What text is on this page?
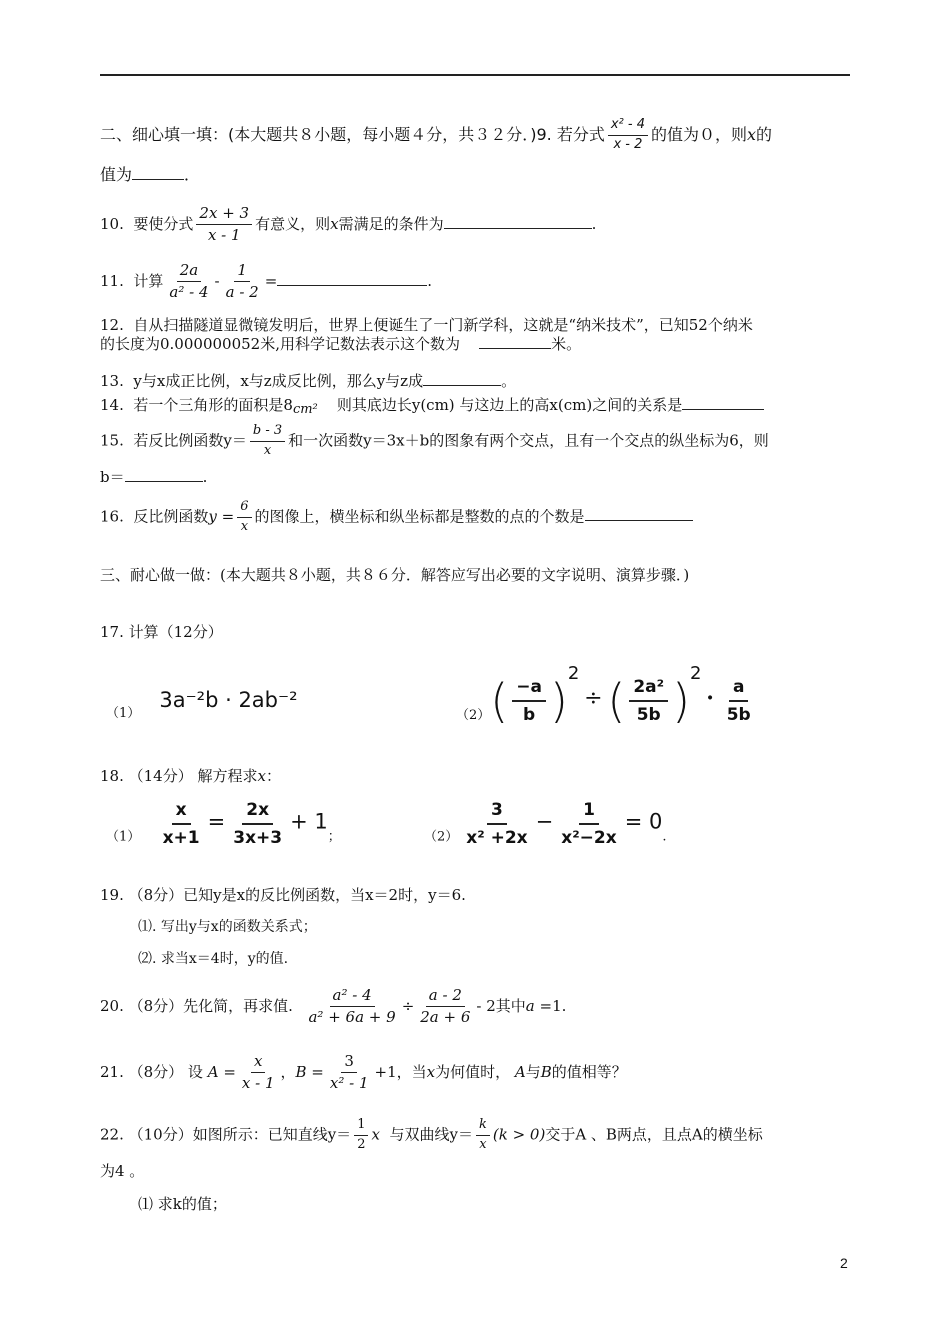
二、细心填一填：(本大题共８小题，每小题４分，共３２分．)9. 若分式 $\frac{\text{x² - 4}}{x - 2}$ 的值为０，则x的
值为	．
10. 要使分式 $\frac{2x + 3}{x - 1}$ 有意义，则x需满足的条件为	.
11. 计算 $\frac{2a}{\text{a² - 4}} - \frac{1}{a - 2}$ =	.
12. 自从扫描隧道显微镜发明后，世界上便诞生了一门新学科，这就是“纳米技术”，已知52个纳米
的长度为0.000000052米,用科学记数法表示这个数为	米。
13. y与x成正比例，x与z成反比例，那么y与z成	。
14. 若一个三角形的面积是8cm² 则其底边长y(cm) 与这边上的高x(cm)之间的关系是
15. 若反比例函数$y= \frac{b - 3}{x}$ 和一次函数y＝3x＋b的图象有两个交点，且有一个交点的纵坐标为6，则
b＝	.
16. 反比例函数$y = \frac{6}{x}$ 的图像上，横坐标和纵坐标都是整数的点的个数是
三、耐心做一做：(本大题共８小题，共８６分．解答应写出必要的文字说明、演算步骤．)
17. 计算（12分）
（1）    3a⁻²b · 2ab⁻²
$(2)( \frac{-a}{b} )^2$ ÷ ( $\frac{\text{2a²}}{5b} )^2 \cdot \frac{a}{5b}$
18. （14分） 解方程求x：
$(1) \frac{x}{x+1} = \frac{2x}{3x+3} + 1$；	$(2) \frac{3}{\text{x² +2x}} - \frac{1}{\text{x²−2x}} = 0$.
19. （8分）已知y是x的反比例函数，当x＝2时，y＝6.
⑴. 写出y与x的函数关系式；
⑵. 求当x＝4时，y的值.
20. （8分）先化简，再求值. $\frac{\text{a² - 4}}{\text{a² + 6a + 9}} \div \frac{a - 2}{2a + 6} - 2$其中a =1.
21. （8分） 设 $A = \frac{x}{x - 1}$ ，$B = \frac{3}{\text{x² - 1}} +1$，当x为何值时， A与B的值相等？
22. （10分）如图所示：已知直线$y= \frac{1}{2}$ x 与双曲线$y= \frac{k}{x} (k > 0)$交于A 、B两点，且点A的横坐标
为4 。
⑴ 求k的值；
2
